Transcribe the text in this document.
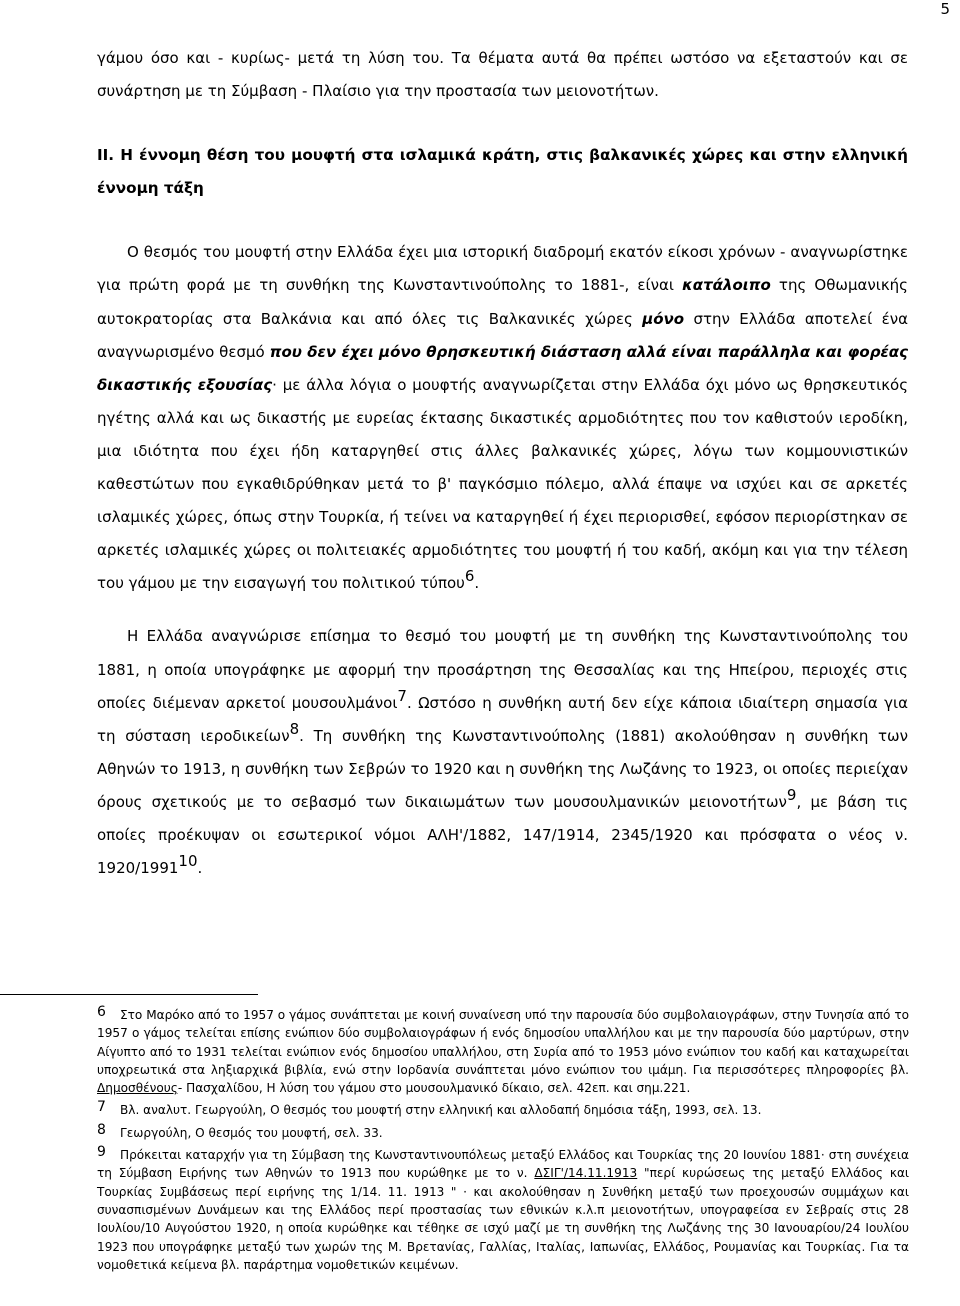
5

γάμου όσο και - κυρίως- μετά τη λύση του. Τα θέματα αυτά θα πρέπει ωστόσο να εξεταστούν και σε συνάρτηση με τη Σύμβαση - Πλαίσιο για την προστασία των μειονοτήτων.

II. Η έννομη θέση του μουφτή στα ισλαμικά κράτη, στις βαλκανικές χώρες και στην ελληνική έννομη τάξη

Ο θεσμός του μουφτή στην Ελλάδα έχει μια ιστορική διαδρομή εκατόν είκοσι χρόνων - αναγνωρίστηκε για πρώτη φορά με τη συνθήκη της Κωνσταντινούπολης το 1881-, είναι κατάλοιπο της Οθωμανικής αυτοκρατορίας στα Βαλκάνια και από όλες τις Βαλκανικές χώρες μόνο στην Ελλάδα αποτελεί ένα αναγνωρισμένο θεσμό που δεν έχει μόνο θρησκευτική διάσταση αλλά είναι παράλληλα και φορέας δικαστικής εξουσίας· με άλλα λόγια ο μουφτής αναγνωρίζεται στην Ελλάδα όχι μόνο ως θρησκευτικός ηγέτης αλλά και ως δικαστής με ευρείας έκτασης δικαστικές αρμοδιότητες που τον καθιστούν ιεροδίκη, μια ιδιότητα που έχει ήδη καταργηθεί στις άλλες βαλκανικές χώρες, λόγω των κομμουνιστικών καθεστώτων που εγκαθιδρύθηκαν μετά το β' παγκόσμιο πόλεμο, αλλά έπαψε να ισχύει και σε αρκετές ισλαμικές χώρες, όπως στην Τουρκία, ή τείνει να καταργηθεί ή έχει περιορισθεί, εφόσον περιορίστηκαν σε αρκετές ισλαμικές χώρες οι πολιτειακές αρμοδιότητες του μουφτή ή του καδή, ακόμη και για την τέλεση του γάμου με την εισαγωγή του πολιτικού τύπου$^6$.

Η Ελλάδα αναγνώρισε επίσημα το θεσμό του μουφτή με τη συνθήκη της Κωνσταντινούπολης του 1881, η οποία υπογράφηκε με αφορμή την προσάρτηση της Θεσσαλίας και της Ηπείρου, περιοχές στις οποίες διέμεναν αρκετοί μουσουλμάνοι$^7$. Ωστόσο η συνθήκη αυτή δεν είχε κάποια ιδιαίτερη σημασία για τη σύσταση ιεροδικείων$^8$. Τη συνθήκη της Κωνσταντινούπολης (1881) ακολούθησαν η συνθήκη των Αθηνών το 1913, η συνθήκη των Σεβρών το 1920 και η συνθήκη της Λωζάνης το 1923, οι οποίες περιείχαν όρους σχετικούς με το σεβασμό των δικαιωμάτων των μουσουλμανικών μειονοτήτων$^9$, με βάση τις οποίες προέκυψαν οι εσωτερικοί νόμοι ΑΛΗ'/1882, 147/1914, 2345/1920 και πρόσφατα ο νέος ν. 1920/1991$^{10}$.

6 Στο Μαρόκο από το 1957 ο γάμος συνάπτεται με κοινή συναίνεση υπό την παρουσία δύο συμβολαιογράφων, στην Τυνησία από το 1957 ο γάμος τελείται επίσης ενώπιον δύο συμβολαιογράφων ή ενός δημοσίου υπαλλήλου και με την παρουσία δύο μαρτύρων, στην Αίγυπτο από το 1931 τελείται ενώπιον ενός δημοσίου υπαλλήλου, στη Συρία από το 1953 μόνο ενώπιον του καδή και καταχωρείται υποχρεωτικά στα ληξιαρχικά βιβλία, ενώ στην Ιορδανία συνάπτεται μόνο ενώπιον του ιμάμη. Για περισσότερες πληροφορίες βλ. Δημοσθένους- Πασχαλίδου, Η λύση του γάμου στο μουσουλμανικό δίκαιο, σελ. 42επ. και σημ.221.

7 Βλ. αναλυτ. Γεωργούλη, Ο θεσμός του μουφτή στην ελληνική και αλλοδαπή δημόσια τάξη, 1993, σελ. 13.

8 Γεωργούλη, Ο θεσμός του μουφτή, σελ. 33.

9 Πρόκειται καταρχήν για τη Σύμβαση της Κωνσταντινουπόλεως μεταξύ Ελλάδος και Τουρκίας της 20 Ιουνίου 1881· στη συνέχεια τη Σύμβαση Ειρήνης των Αθηνών το 1913 που κυρώθηκε με το ν. ΔΣΙΓ'/14.11.1913 "περί κυρώσεως της μεταξύ Ελλάδος και Τουρκίας Συμβάσεως περί ειρήνης της 1/14. 11. 1913 " · και ακολούθησαν η Συνθήκη μεταξύ των προεχουσών συμμάχων και συνασπισμένων Δυνάμεων και της Ελλάδος περί προστασίας των εθνικών κ.λ.π μειονοτήτων, υπογραφείσα εν Σεβραίς στις 28 Ιουλίου/10 Αυγούστου 1920, η οποία κυρώθηκε και τέθηκε σε ισχύ μαζί με τη συνθήκη της Λωζάνης της 30 Ιανουαρίου/24 Ιουλίου 1923 που υπογράφηκε μεταξύ των χωρών της Μ. Βρετανίας, Γαλλίας, Ιταλίας, Ιαπωνίας, Ελλάδος, Ρουμανίας και Τουρκίας. Για τα νομοθετικά κείμενα βλ. παράρτημα νομοθετικών κειμένων.
